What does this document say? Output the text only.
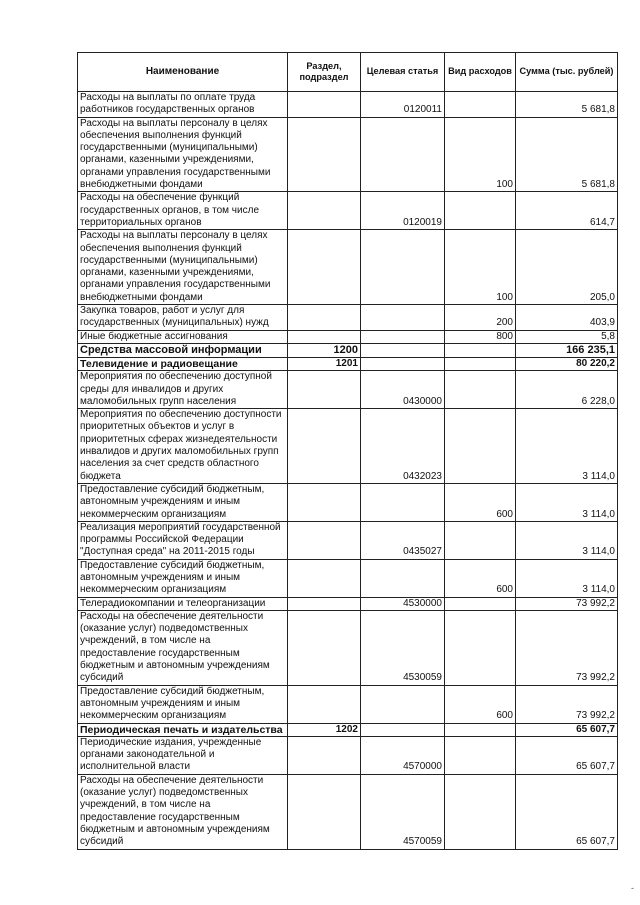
Наименование	Раздел, подраздел	Целевая статья	Вид расходов	Сумма (тыс. рублей)
Расходы на выплаты по оплате труда работников государственных органов		0120011		5 681,8
Расходы на выплаты персоналу в целях обеспечения выполнения функций государственными (муниципальными) органами, казенными учреждениями, органами управления государственными внебюджетными фондами			100	5 681,8
Расходы на обеспечение функций государственных органов, в том числе территориальных органов		0120019		614,7
Расходы на выплаты персоналу в целях обеспечения выполнения функций государственными (муниципальными) органами, казенными учреждениями, органами управления государственными внебюджетными фондами			100	205,0
Закупка товаров, работ и услуг для государственных (муниципальных) нужд			200	403,9
Иные бюджетные ассигнования			800	5,8
Средства массовой информации	1200			166 235,1
Телевидение и радиовещание	1201			80 220,2
Мероприятия по обеспечению доступной среды для инвалидов и других маломобильных групп населения		0430000		6 228,0
Мероприятия по обеспечению доступности приоритетных объектов и услуг в приоритетных сферах жизнедеятельности инвалидов и других маломобильных групп населения за счет средств областного бюджета		0432023		3 114,0
Предоставление субсидий бюджетным, автономным учреждениям и иным некоммерческим организациям			600	3 114,0
Реализация мероприятий государственной программы Российской Федерации "Доступная среда" на 2011-2015 годы		0435027		3 114,0
Предоставление субсидий бюджетным, автономным учреждениям и иным некоммерческим организациям			600	3 114,0
Телерадиокомпании и телеорганизации		4530000		73 992,2
Расходы на обеспечение деятельности (оказание услуг) подведомственных учреждений, в том числе на предоставление государственным бюджетным и автономным учреждениям субсидий		4530059		73 992,2
Предоставление субсидий бюджетным, автономным учреждениям и иным некоммерческим организациям			600	73 992,2
Периодическая печать и издательства	1202			65 607,7
Периодические издания, учрежденные органами законодательной и исполнительной власти		4570000		65 607,7
Расходы на обеспечение деятельности (оказание услуг) подведомственных учреждений, в том числе на предоставление государственным бюджетным и автономным учреждениям субсидий		4570059		65 607,7
-
